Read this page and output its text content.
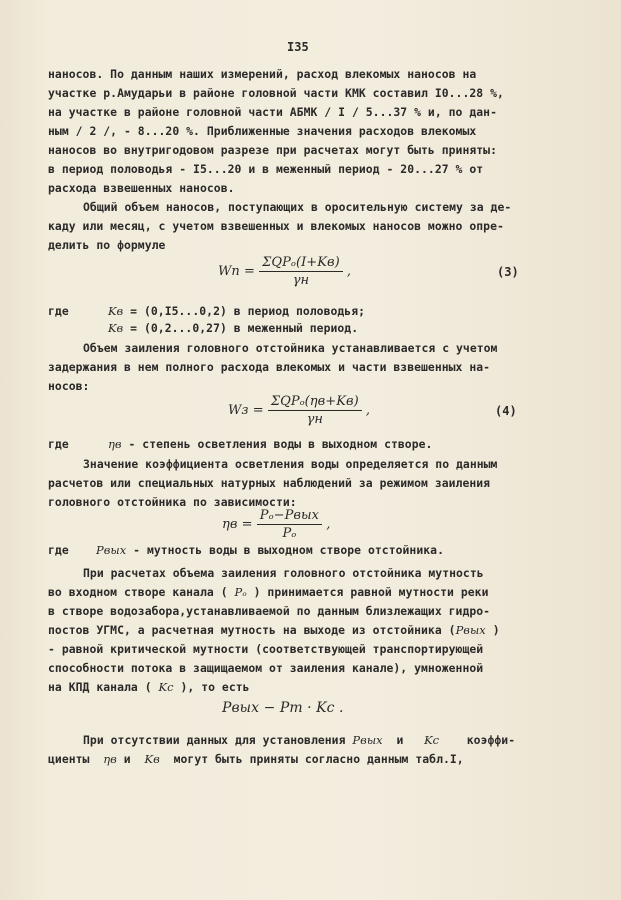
I35
наносов. По данным наших измерений, расход влекомых наносов на
участке р.Амударьи в районе головной части КМК составил I0...28 %,
на участке в районе головной части АБМК / I / 5...37 % и, по дан-
ным / 2 /, - 8...20 %. Приближенные значения расходов влекомых
наносов во внутригодовом разрезе при расчетах могут быть приняты:
в период половодья - I5...20 и в меженный период - 20...27 % от
расхода взвешенных наносов.
Общий объем наносов, поступающих в оросительную систему за де-
каду или месяц, с учетом взвешенных и влекомых наносов можно опре-
делить по формуле
Wп = $\frac{\text{ΣQPₒ(I+Kв)}}{\gamma н}$ ,	(3)
где	Kв = (0,I5...0,2) в период половодья;
Kв = (0,2...0,27) в меженный период.
Объем заиления головного отстойника устанавливается с учетом
задержания в нем полного расхода влекомых и части взвешенных на-
носов:
Wз = $\frac{\text{ΣQPₒ(ηв+Kв)}}{\gamma н}$ ,	(4)
где	ηв - степень осветления воды в выходном створе.
Значение коэффициента осветления воды определяется по данным
расчетов или специальных натурных наблюдений за режимом заиления
головного отстойника по зависимости:
$\eta в = \frac{\text{Pₒ−Pвых}}{\text{Pₒ}}$ ,
где Pвых - мутность воды в выходном створе отстойника.
При расчетах объема заиления головного отстойника мутность
во входном створе канала ( Pₒ ) принимается равной мутности реки
в створе водозабора,устанавливаемой по данным близлежащих гидро-
постов УГМС, а расчетная мутность на выходе из отстойника (Pвых )
- равной критической мутности (соответствующей транспортирующей
способности потока в защищаемом от заиления канале), умноженной
на КПД канала ( Kс ), то есть
Pвых − Pт · Kс .
При отсутствии данных для установления Pвых и Kс коэффи-
циенты ηв и Kв могут быть приняты согласно данным табл.I,
